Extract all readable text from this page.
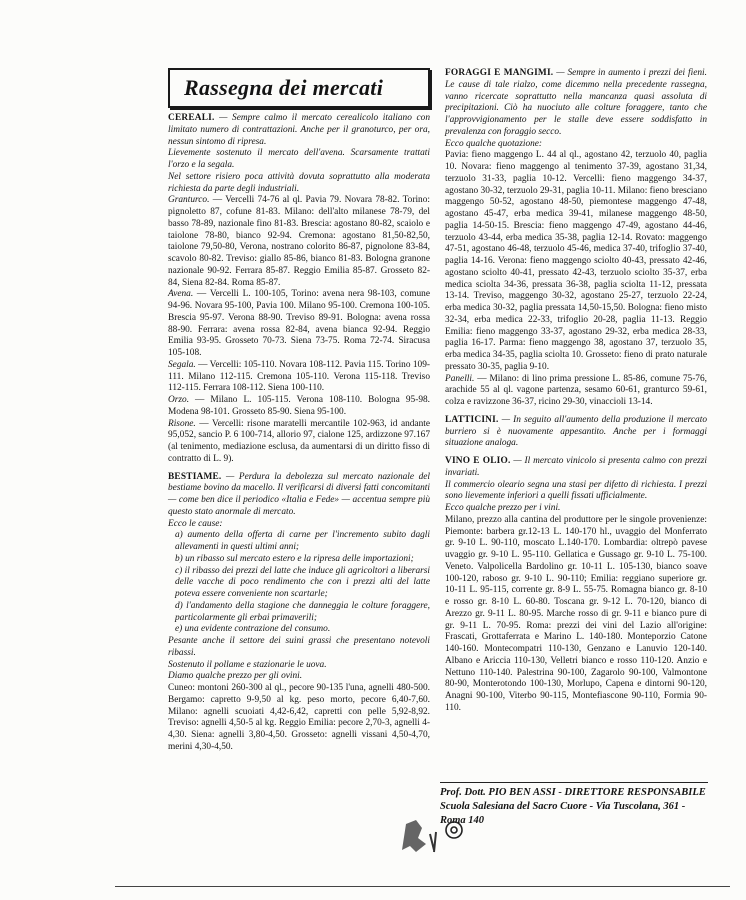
Rassegna dei mercati

CEREALI. — Sempre calmo il mercato cerealicolo italiano con limitato numero di contrattazioni. Anche per il granoturco, per ora, nessun sintomo di ripresa.

Lievemente sostenuto il mercato dell'avena. Scarsamente trattati l'orzo e la segala.

Nel settore risiero poca attività dovuta soprattutto alla moderata richiesta da parte degli industriali.

Granturco. — Vercelli 74-76 al ql. Pavia 79. Novara 78-82. Torino: pignoletto 87, cofune 81-83. Milano: dell'alto milanese 78-79, del basso 78-89, nazionale fino 81-83. Brescia: agostano 80-82, scaiolo e taiolone 78-80, bianco 92-94. Cremona: agostano 81,50-82,50, taiolone 79,50-80, Verona, nostrano colorito 86-87, pignolone 83-84, scavolo 80-82. Treviso: giallo 85-86, bianco 81-83. Bologna granone nazionale 90-92. Ferrara 85-87. Reggio Emilia 85-87. Grosseto 82-84, Siena 82-84. Roma 85-87.

Avena. — Vercelli L. 100-105, Torino: avena nera 98-103, comune 94-96. Novara 95-100, Pavia 100. Milano 95-100. Cremona 100-105. Brescia 95-97. Verona 88-90. Treviso 89-91. Bologna: avena rossa 88-90. Ferrara: avena rossa 82-84, avena bianca 92-94. Reggio Emilia 93-95. Grosseto 70-73. Siena 73-75. Roma 72-74. Siracusa 105-108.

Segala. — Vercelli: 105-110. Novara 108-112. Pavia 115. Torino 109-111. Milano 112-115. Cremona 105-110. Verona 115-118. Treviso 112-115. Ferrara 108-112. Siena 100-110.

Orzo. — Milano L. 105-115. Verona 108-110. Bologna 95-98. Modena 98-101. Grosseto 85-90. Siena 95-100.

Risone. — Vercelli: risone maratelli mercantile 102-963, id andante 95,052, sancio P. 6 100-714, allorio 97, cialone 125, ardizzone 97.167 (al tenimento, mediazione esclusa, da aumentarsi di un diritto fisso di contratto di L. 9).

BESTIAME. — Perdura la debolezza sul mercato nazionale del bestiame bovino da macello. Il verificarsi di diversi fatti concomitanti — come ben dice il periodico «Italia e Fede» — accentua sempre più questo stato anormale di mercato.

Ecco le cause:

a) aumento della offerta di carne per l'incremento subito dagli allevamenti in questi ultimi anni;

b) un ribasso sul mercato estero e la ripresa delle importazioni;

c) il ribasso dei prezzi del latte che induce gli agricoltori a liberarsi delle vacche di poco rendimento che con i prezzi alti del latte poteva essere conveniente non scartarle;

d) l'andamento della stagione che danneggia le colture foraggere, particolarmente gli erbai primaverili;

e) una evidente contrazione del consumo.

Pesante anche il settore dei suini grassi che presentano notevoli ribassi.

Sostenuto il pollame e stazionarie le uova.

Diamo qualche prezzo per gli ovini.

Cuneo: montoni 260-300 al ql., pecore 90-135 l'una, agnelli 480-500. Bergamo: capretto 9-9,50 al kg. peso morto, pecore 6,40-7,60. Milano: agnelli scuoiati 4,42-6,42, capretti con pelle 5,92-8,92. Treviso: agnelli 4,50-5 al kg. Reggio Emilia: pecore 2,70-3, agnelli 4-4,30. Siena: agnelli 3,80-4,50. Grosseto: agnelli vissani 4,50-4,70, merini 4,30-4,50.

FORAGGI E MANGIMI. — Sempre in aumento i prezzi dei fieni. Le cause di tale rialzo, come dicemmo nella precedente rassegna, vanno ricercate soprattutto nella mancanza quasi assoluta di precipitazioni. Ciò ha nuociuto alle colture foraggere, tanto che l'approvvigionamento per le stalle deve essere soddisfatto in prevalenza con foraggio secco.

Ecco qualche quotazione:

Pavia: fieno maggengo L. 44 al ql., agostano 42, terzuolo 40, paglia 10. Novara: fieno maggengo al tenimento 37-39, agostano 31,34, terzuolo 31-33, paglia 10-12. Vercelli: fieno maggengo 34-37, agostano 30-32, terzuolo 29-31, paglia 10-11. Milano: fieno bresciano maggengo 50-52, agostano 48-50, piemontese maggengo 47-48, agostano 45-47, erba medica 39-41, milanese maggengo 48-50, paglia 14-50-15. Brescia: fieno maggengo 47-49, agostano 44-46, terzuolo 43-44, erba medica 35-38, paglia 12-14. Rovato: maggengo 47-51, agostano 46-48, terzuolo 45-46, medica 37-40, trifoglio 37-40, paglia 14-16. Verona: fieno maggengo sciolto 40-43, pressato 42-46, agostano sciolto 40-41, pressato 42-43, terzuolo sciolto 35-37, erba medica sciolta 34-36, pressata 36-38, paglia sciolta 11-12, pressata 13-14. Treviso, maggengo 30-32, agostano 25-27, terzuolo 22-24, erba medica 30-32, paglia pressata 14,50-15,50. Bologna: fieno misto 32-34, erba medica 22-33, trifoglio 20-28, paglia 11-13. Reggio Emilia: fieno maggengo 33-37, agostano 29-32, erba medica 28-33, paglia 16-17. Parma: fieno maggengo 38, agostano 37, terzuolo 35, erba medica 34-35, paglia sciolta 10. Grosseto: fieno di prato naturale pressato 30-35, paglia 9-10.

Panelli. — Milano: di lino prima pressione L. 85-86, comune 75-76, arachide 55 al ql. vagone partenza, sesamo 60-61, granturco 59-61, colza e ravizzone 36-37, ricino 29-30, vinaccioli 13-14.

LATTICINI. — In seguito all'aumento della produzione il mercato burriero si è nuovamente appesantito. Anche per i formaggi situazione analoga.

VINO E OLIO. — Il mercato vinicolo si presenta calmo con prezzi invariati.

Il commercio oleario segna una stasi per difetto di richiesta. I prezzi sono lievemente inferiori a quelli fissati ufficialmente.

Ecco qualche prezzo per i vini.

Milano, prezzo alla cantina del produttore per le singole provenienze: Piemonte: barbera gr.12-13 L. 140-170 hl., uvaggio del Monferrato gr. 9-10 L. 90-110, moscato L.140-170. Lombardia: oltrepò pavese uvaggio gr. 9-10 L. 95-110. Gellatica e Gussago gr. 9-10 L. 75-100. Veneto. Valpolicella Bardolino gr. 10-11 L. 105-130, bianco soave 100-120, raboso gr. 9-10 L. 90-110; Emilia: reggiano superiore gr. 10-11 L. 95-115, corrente gr. 8-9 L. 55-75. Romagna bianco gr. 8-10 e rosso gr. 8-10 L. 60-80. Toscana gr. 9-12 L. 70-120, bianco di Arezzo gr. 9-11 L. 80-95. Marche rosso di gr. 9-11 e bianco pure di gr. 9-11 L. 70-95. Roma: prezzi dei vini del Lazio all'origine: Frascati, Grottaferrata e Marino L. 140-180. Monteporzio Catone 140-160. Montecompatri 110-130, Genzano e Lanuvio 120-140. Albano e Ariccia 110-130, Velletri bianco e rosso 110-120. Anzio e Nettuno 110-140. Palestrina 90-100, Zagarolo 90-100, Valmontone 80-90, Monterotondo 100-130, Morlupo, Capena e dintorni 90-120, Anagni 90-100, Viterbo 90-115, Montefiascone 90-110, Formia 90-110.

Prof. Dott. PIO BEN ASSI - DIRETTORE RESPONSABILE
Scuola Salesiana del Sacro Cuore - Via Tuscolana, 361 - Roma 140
